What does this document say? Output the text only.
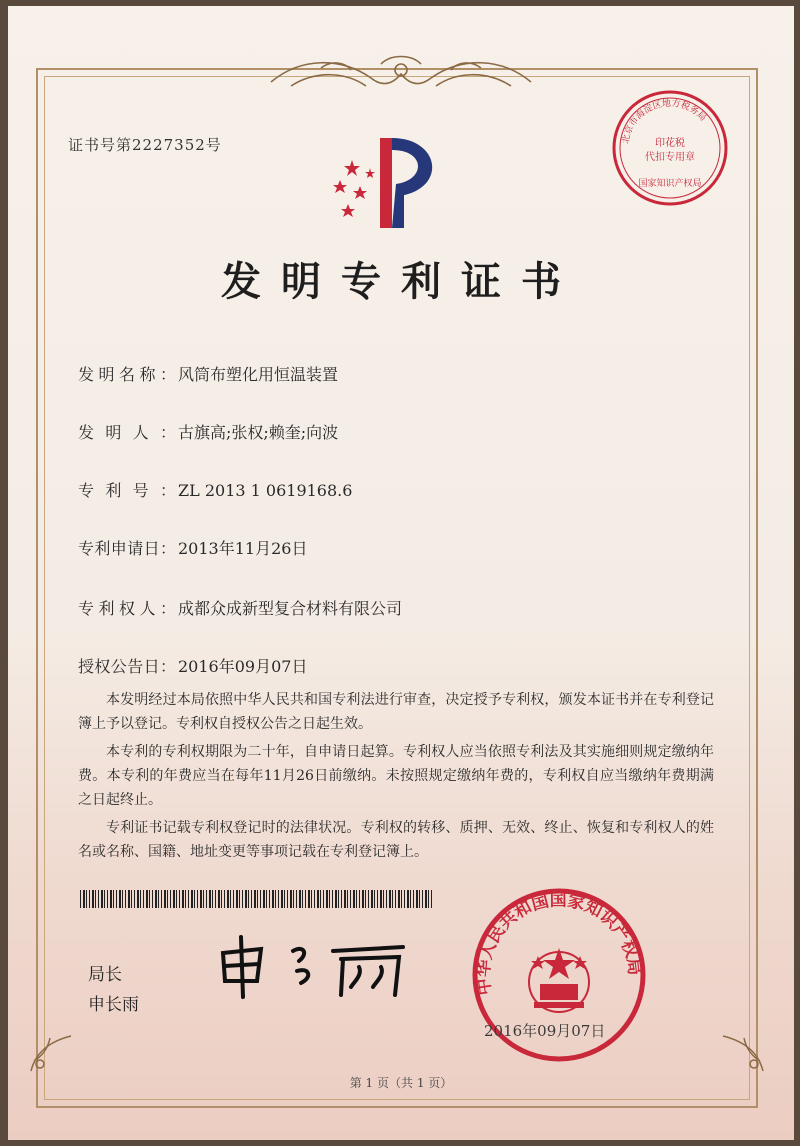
证书号第2227352号
发明专利证书
发明名称： 风筒布塑化用恒温装置
发明人： 古旗高;张权;赖奎;向波
专利号： ZL 2013 1 0619168.6
专利申请日： 2013年11月26日
专利权人： 成都众成新型复合材料有限公司
授权公告日： 2016年09月07日

本发明经过本局依照中华人民共和国专利法进行审查，决定授予专利权，颁发本证书并在专利登记簿上予以登记。专利权自授权公告之日起生效。

本专利的专利权期限为二十年，自申请日起算。专利权人应当依照专利法及其实施细则规定缴纳年费。本专利的年费应当在每年11月26日前缴纳。未按照规定缴纳年费的，专利权自应当缴纳年费期满之日起终止。

专利证书记载专利权登记时的法律状况。专利权的转移、质押、无效、终止、恢复和专利权人的姓名或名称、国籍、地址变更等事项记载在专利登记簿上。

局长
申长雨
北京市海淀区地方税务局
印花税
代扣专用章
国家知识产权局
中华人民共和国国家知识产权局
2016年09月07日
第 1 页（共 1 页）
